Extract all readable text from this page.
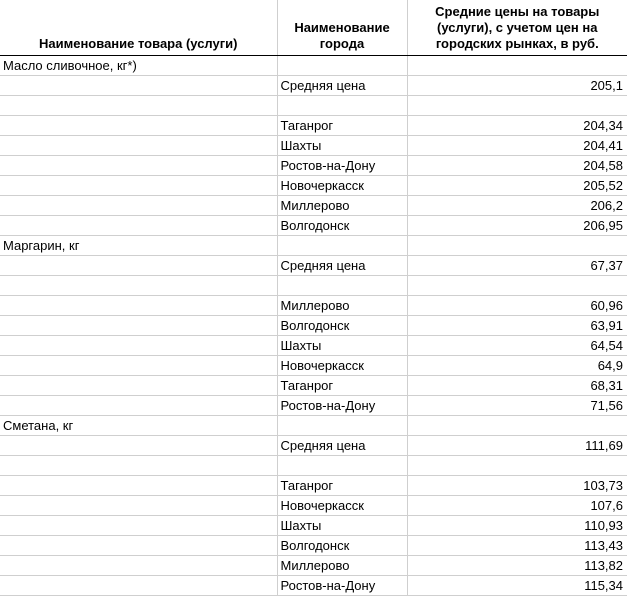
Наименование товара (услуги)	Наименование города	Средние цены на товары (услуги), с учетом цен на городских рынках, в руб.
Масло сливочное, кг*)		
	Средняя цена	205,1

	Таганрог	204,34
	Шахты	204,41
	Ростов-на-Дону	204,58
	Новочеркасск	205,52
	Миллерово	206,2
	Волгодонск	206,95
Маргарин, кг		
	Средняя цена	67,37

	Миллерово	60,96
	Волгодонск	63,91
	Шахты	64,54
	Новочеркасск	64,9
	Таганрог	68,31
	Ростов-на-Дону	71,56
Сметана, кг		
	Средняя цена	111,69

	Таганрог	103,73
	Новочеркасск	107,6
	Шахты	110,93
	Волгодонск	113,43
	Миллерово	113,82
	Ростов-на-Дону	115,34
